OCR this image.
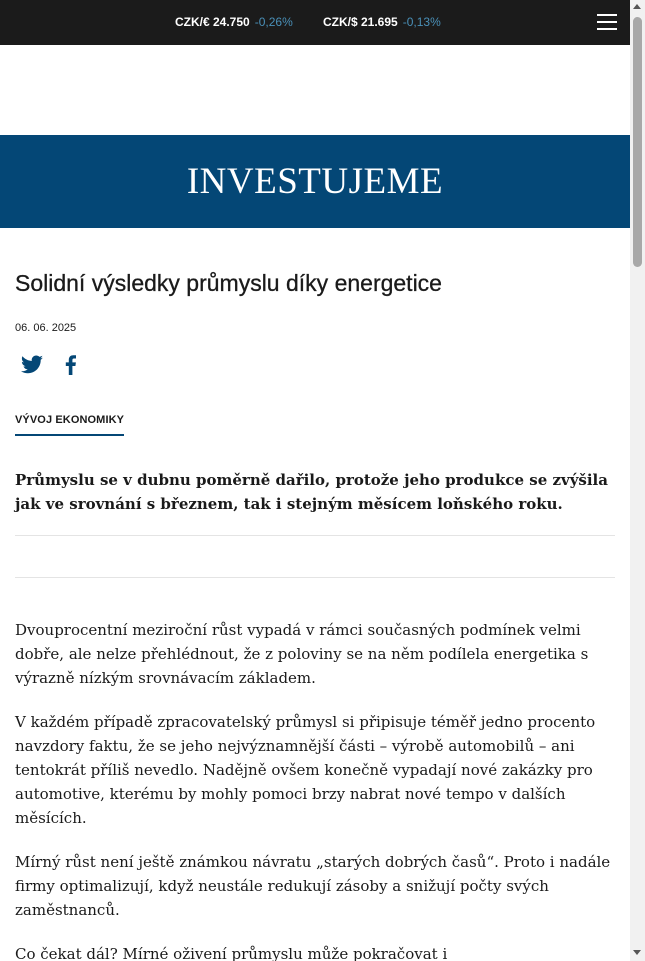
CZK/€ 24.750 -0,26%	CZK/$ 21.695 -0,13%
INVESTUJEME
Solidní výsledky průmyslu díky energetice
06. 06. 2025
VÝVOJ EKONOMIKY

Průmyslu se v dubnu poměrně dařilo, protože jeho produkce se zvýšila jak ve srovnání s březnem, tak i stejným měsícem loňského roku.

Dvouprocentní meziroční růst vypadá v rámci současných podmínek velmi dobře, ale nelze přehlédnout, že z poloviny se na něm podílela energetika s výrazně nízkým srovnávacím základem.

V každém případě zpracovatelský průmysl si připisuje téměř jedno procento navzdory faktu, že se jeho nejvýznamnější části – výrobě automobilů – ani tentokrát příliš nevedlo. Nadějně ovšem konečně vypadají nové zakázky pro automotive, kterému by mohly pomoci brzy nabrat nové tempo v dalších měsících.

Mírný růst není ještě známkou návratu „starých dobrých časů“. Proto i nadále firmy optimalizují, když neustále redukují zásoby a snižují počty svých zaměstnanců.

Co čekat dál? Mírné oživení průmyslu může pokračovat i
